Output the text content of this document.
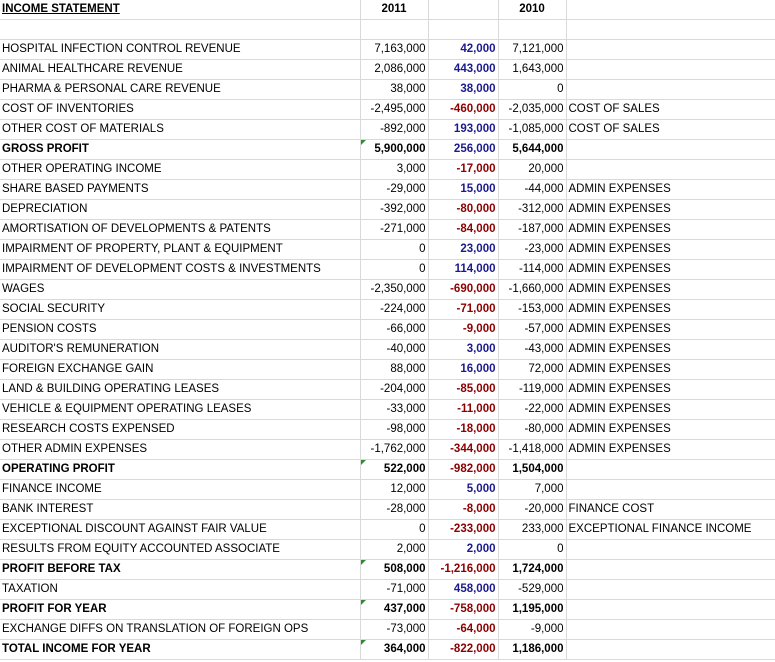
INCOME STATEMENT	2011		2010	

HOSPITAL INFECTION CONTROL REVENUE	7,163,000	42,000	7,121,000	
ANIMAL HEALTHCARE REVENUE	2,086,000	443,000	1,643,000	
PHARMA & PERSONAL CARE REVENUE	38,000	38,000	0	
COST OF INVENTORIES	-2,495,000	-460,000	-2,035,000	COST OF SALES
OTHER COST OF MATERIALS	-892,000	193,000	-1,085,000	COST OF SALES
GROSS PROFIT	5,900,000	256,000	5,644,000	
OTHER OPERATING INCOME	3,000	-17,000	20,000	
SHARE BASED PAYMENTS	-29,000	15,000	-44,000	ADMIN EXPENSES
DEPRECIATION	-392,000	-80,000	-312,000	ADMIN EXPENSES
AMORTISATION OF DEVELOPMENTS & PATENTS	-271,000	-84,000	-187,000	ADMIN EXPENSES
IMPAIRMENT OF PROPERTY, PLANT & EQUIPMENT	0	23,000	-23,000	ADMIN EXPENSES
IMPAIRMENT OF DEVELOPMENT COSTS & INVESTMENTS	0	114,000	-114,000	ADMIN EXPENSES
WAGES	-2,350,000	-690,000	-1,660,000	ADMIN EXPENSES
SOCIAL SECURITY	-224,000	-71,000	-153,000	ADMIN EXPENSES
PENSION COSTS	-66,000	-9,000	-57,000	ADMIN EXPENSES
AUDITOR'S REMUNERATION	-40,000	3,000	-43,000	ADMIN EXPENSES
FOREIGN EXCHANGE GAIN	88,000	16,000	72,000	ADMIN EXPENSES
LAND & BUILDING OPERATING LEASES	-204,000	-85,000	-119,000	ADMIN EXPENSES
VEHICLE & EQUIPMENT OPERATING LEASES	-33,000	-11,000	-22,000	ADMIN EXPENSES
RESEARCH COSTS EXPENSED	-98,000	-18,000	-80,000	ADMIN EXPENSES
OTHER ADMIN EXPENSES	-1,762,000	-344,000	-1,418,000	ADMIN EXPENSES
OPERATING PROFIT	522,000	-982,000	1,504,000	
FINANCE INCOME	12,000	5,000	7,000	
BANK INTEREST	-28,000	-8,000	-20,000	FINANCE COST
EXCEPTIONAL DISCOUNT AGAINST FAIR VALUE	0	-233,000	233,000	EXCEPTIONAL FINANCE INCOME
RESULTS FROM EQUITY ACCOUNTED ASSOCIATE	2,000	2,000	0	
PROFIT BEFORE TAX	508,000	-1,216,000	1,724,000	
TAXATION	-71,000	458,000	-529,000	
PROFIT FOR YEAR	437,000	-758,000	1,195,000	
EXCHANGE DIFFS ON TRANSLATION OF FOREIGN OPS	-73,000	-64,000	-9,000	
TOTAL INCOME FOR YEAR	364,000	-822,000	1,186,000	
